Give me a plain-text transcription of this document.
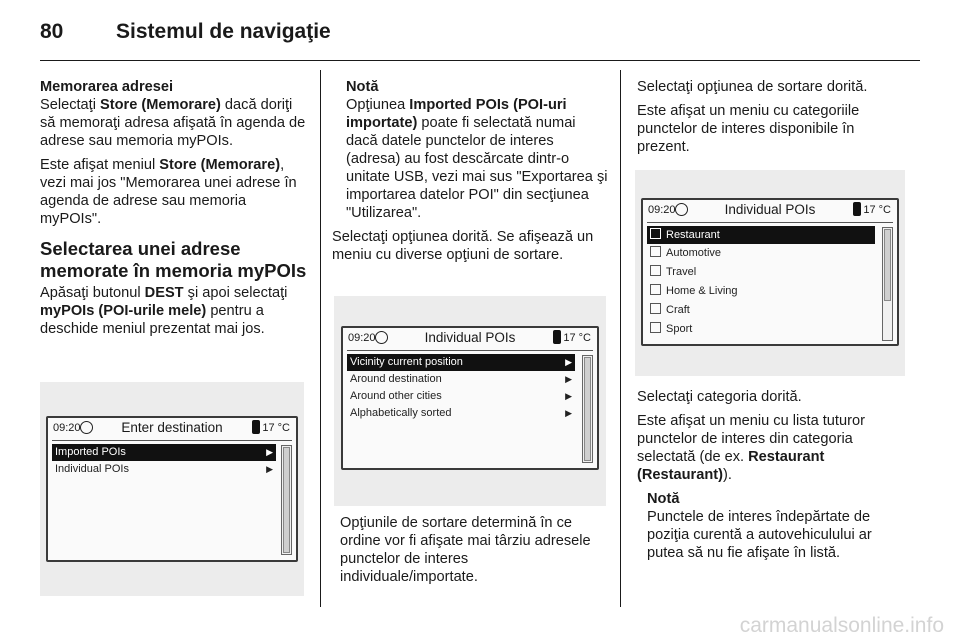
80	Sistemul de navigaţie

Memorarea adresei

Selectaţi Store (Memorare) dacă doriţi să memoraţi adresa afişată în agenda de adrese sau memoria myPOIs.

Este afişat meniul Store (Memorare), vezi mai jos "Memorarea unei adrese în agenda de adrese sau memoria myPOIs".

Selectarea unei adrese memorate în memoria myPOIs

Apăsaţi butonul DEST şi apoi selectaţi myPOIs (POI-urile mele) pentru a deschide meniul prezentat mai jos.

Notă

Opţiunea Imported POIs (POI-uri importate) poate fi selectată numai dacă datele punctelor de interes (adresa) au fost descărcate dintr-o unitate USB, vezi mai sus "Exportarea şi importarea datelor POI" din secţiunea "Utilizarea".

Selectaţi opţiunea dorită. Se afişează un meniu cu diverse opţiuni de sortare.

Opţiunile de sortare determină în ce ordine vor fi afişate mai târziu adresele punctelor de interes individuale/importate.

Selectaţi opţiunea de sortare dorită.

Este afişat un meniu cu categoriile punctelor de interes disponibile în prezent.

Selectaţi categoria dorită.

Este afişat un meniu cu lista tuturor punctelor de interes din categoria selectată (de ex. Restaurant (Restaurant)).

Notă

Punctele de interes îndepărtate de poziţia curentă a autovehiculului ar putea să nu fie afişate în listă.

09:20	Enter destination	17 °C
Imported POIs	▶
Individual POIs	▶
09:20	Individual POIs	17 °C
Vicinity current position	▶
Around destination	▶
Around other cities	▶
Alphabetically sorted	▶
09:20	Individual POIs	17 °C
Restaurant
Automotive
Travel
Home & Living
Craft
Sport
carmanualsonline.info
